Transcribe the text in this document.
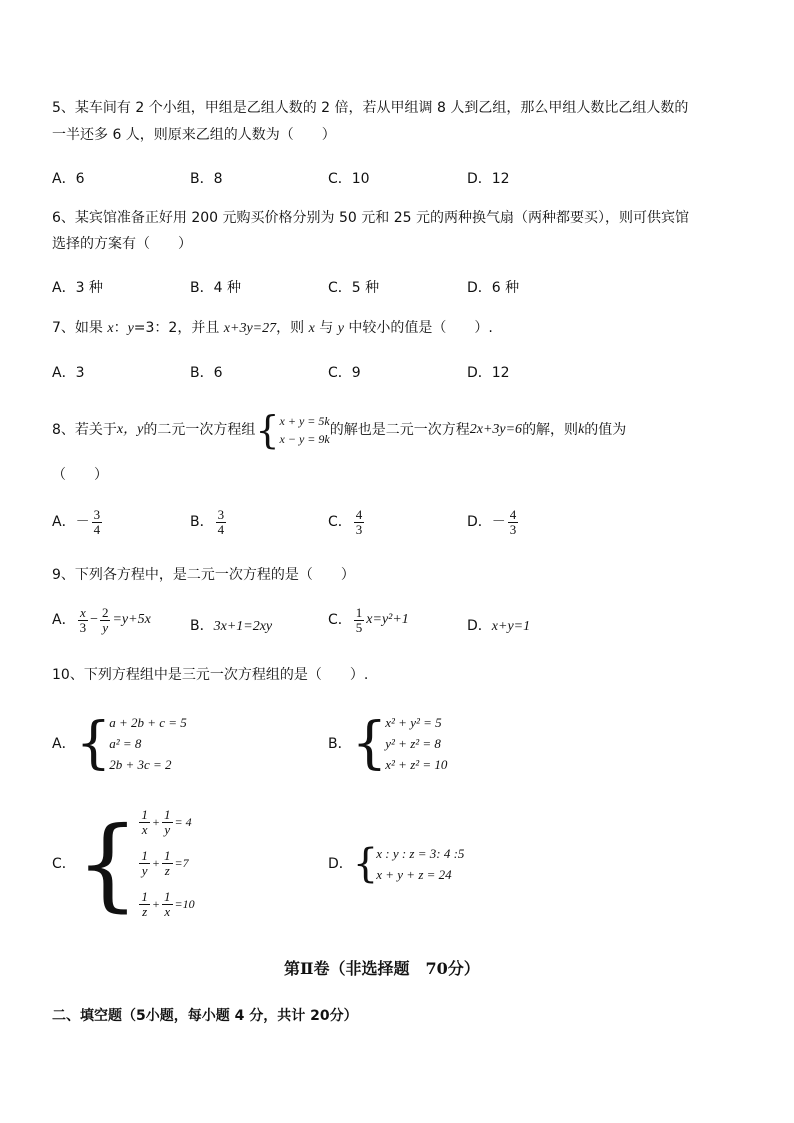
5、某车间有 2 个小组，甲组是乙组人数的 2 倍，若从甲组调 8 人到乙组，那么甲组人数比乙组人数的
一半还多 6 人，则原来乙组的人数为（　　）
A．6	B．8	C．10	D．12
6、某宾馆准备正好用 200 元购买价格分别为 50 元和 25 元的两种换气扇（两种都要买），则可供宾馆
选择的方案有（　　）
A．3 种	B．4 种	C．5 种	D．6 种
7、如果 x：y=3：2，并且 x+3y=27，则 x 与 y 中较小的值是（　　）.
A．3	B．6	C．9	D．12
8、若关于 x，y 的二元一次方程组 { x + y = 5k
x − y = 9k
的解也是二元一次方程 2x+3y=6 的解，则 k 的值为
（　　）
A． － $\frac{3}{4}$	B． $\frac{3}{4}$	C． $\frac{4}{3}$	D． － $\frac{4}{3}$
9、下列各方程中，是二元一次方程的是（　　）
A． $\frac{x}{3} - \frac{2}{y} =y+5x$	B．3x+1=2xy	C． $\frac{1}{5} x=y^2+1$	D．x+y=1
10、下列方程组中是三元一次方程组的是（　　）.
A． {
a + 2b + c = 5
a² = 8
2b + 3c = 2
B． {
x² + y² = 5
y² + z² = 8
x² + z² = 10
C． { $\frac{1}{x} + \frac{1}{y} = 4$
$\frac{1}{y} + \frac{1}{z} =7$
$\frac{1}{z} + \frac{1}{x} =10$
D． {
x : y : z = 3: 4 :5
x + y + z = 24
第Ⅱ卷（非选择题　70分）
二、填空题（5小题，每小题 4 分，共计 20分）
